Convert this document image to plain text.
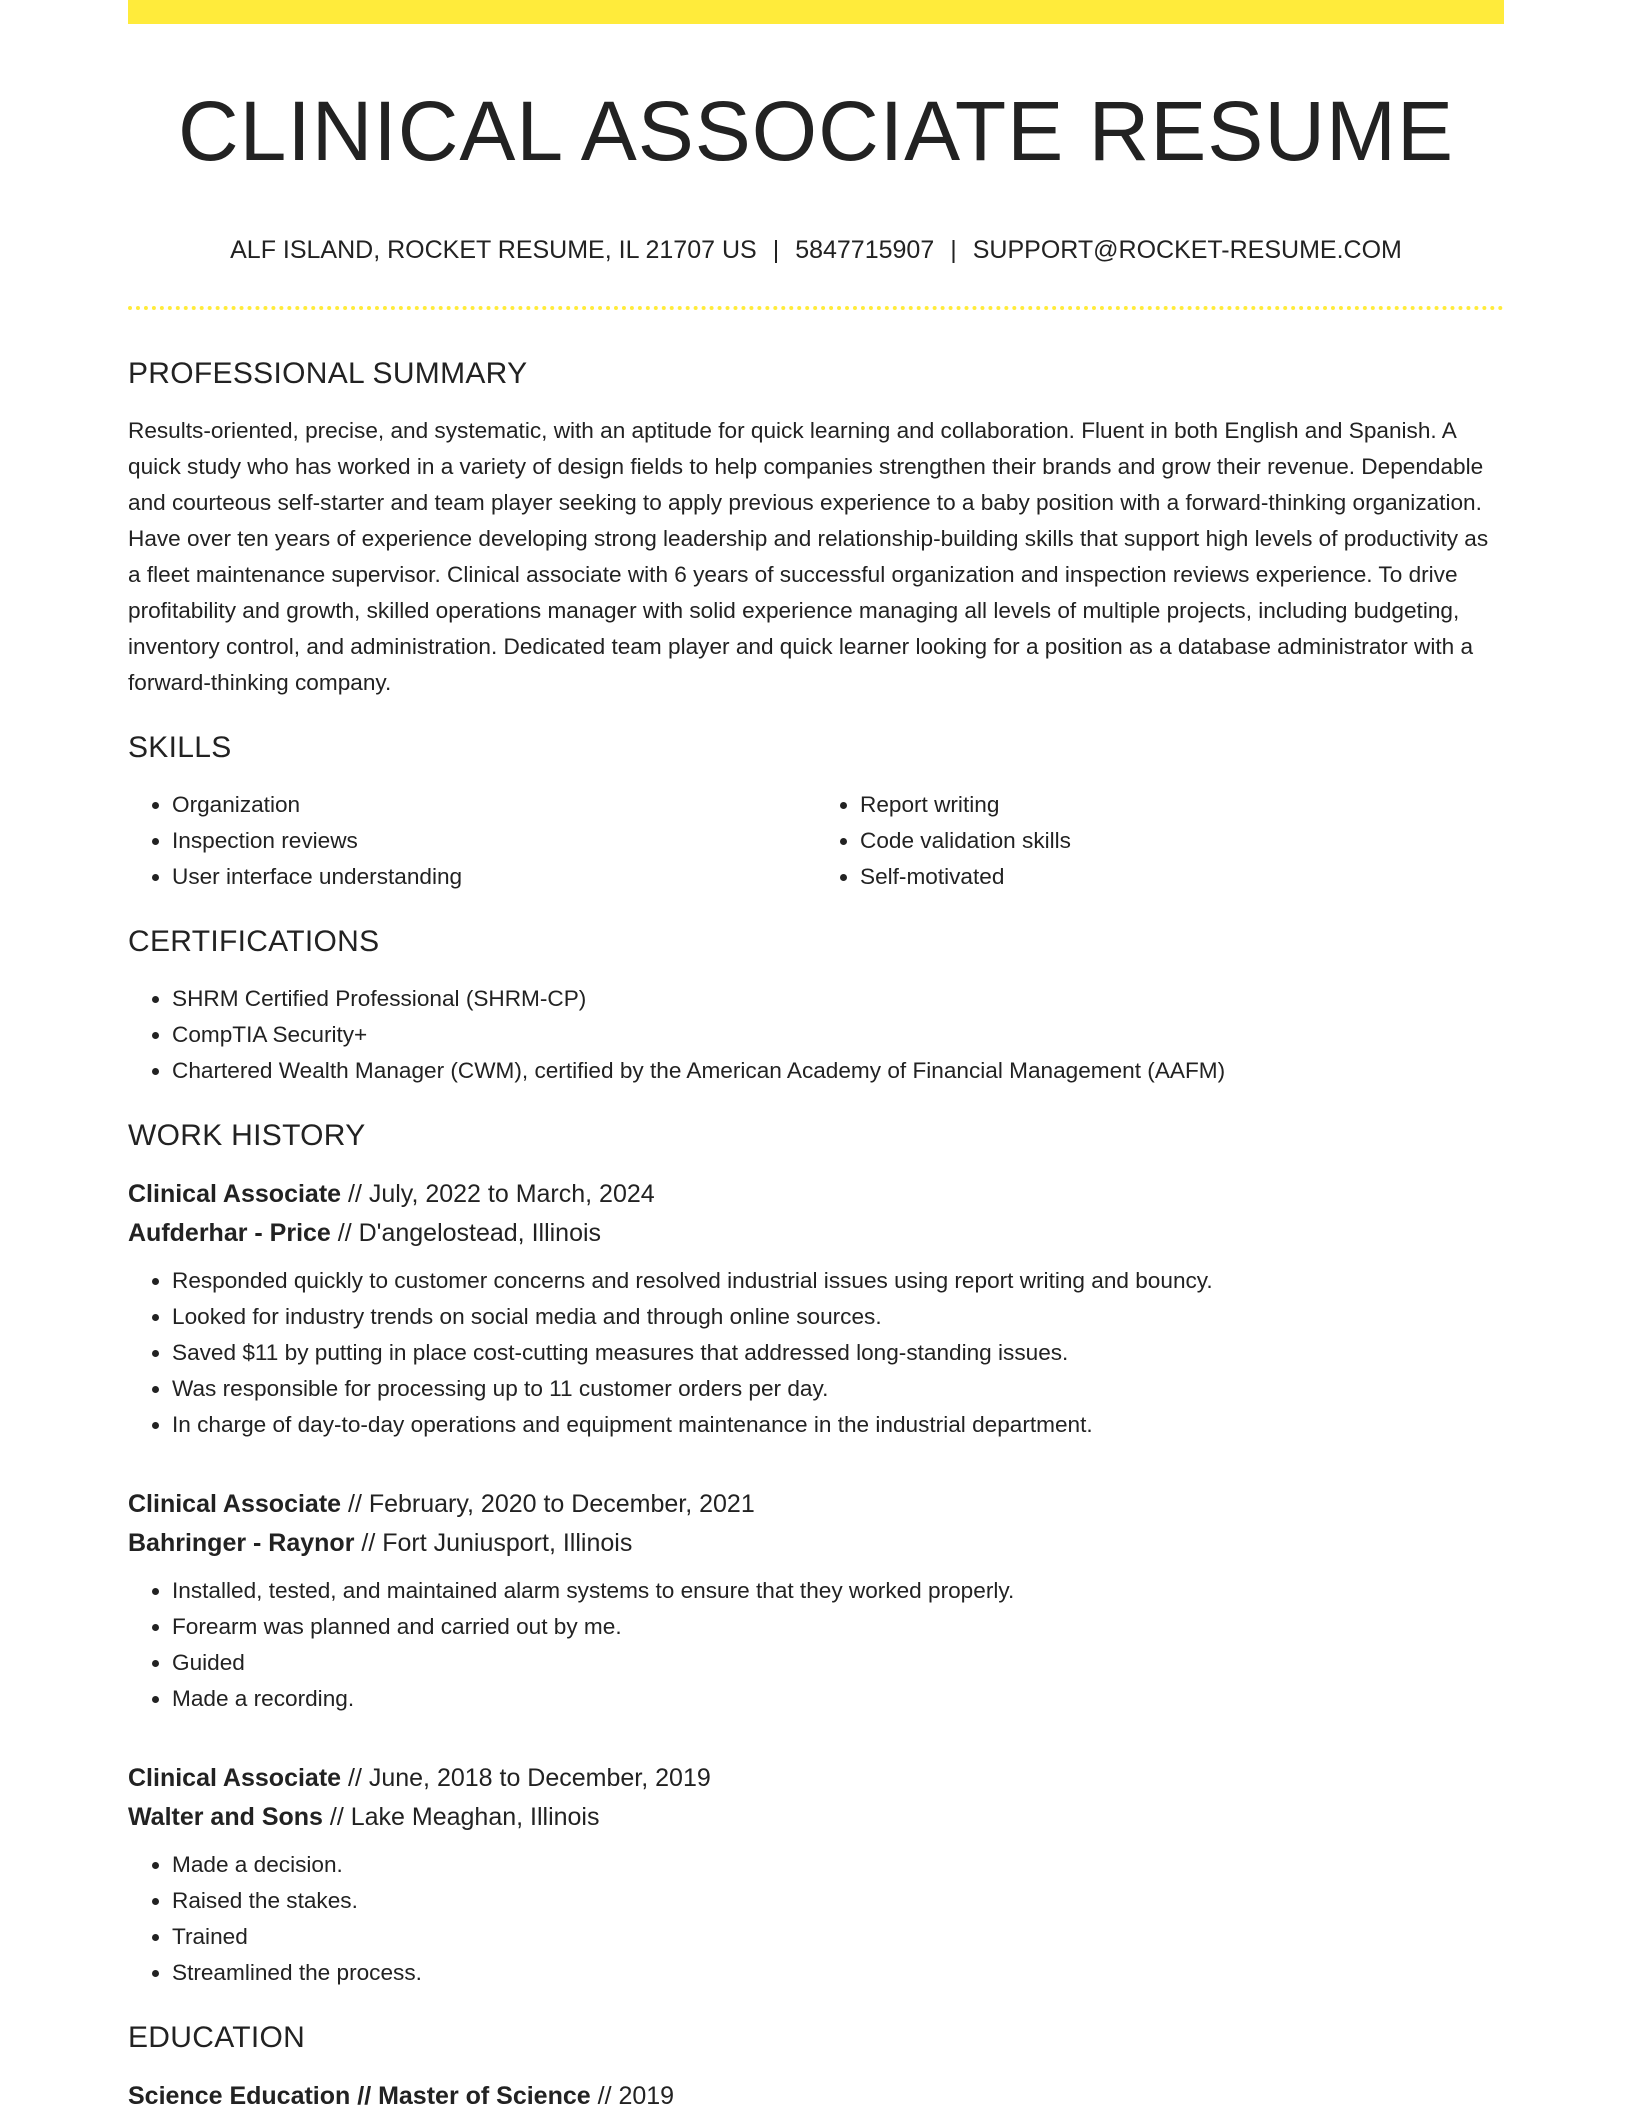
CLINICAL ASSOCIATE RESUME
ALF ISLAND, ROCKET RESUME, IL 21707 US | 5847715907 | SUPPORT@ROCKET-RESUME.COM
PROFESSIONAL SUMMARY

Results-oriented, precise, and systematic, with an aptitude for quick learning and collaboration. Fluent in both English and Spanish. A quick study who has worked in a variety of design fields to help companies strengthen their brands and grow their revenue. Dependable and courteous self-starter and team player seeking to apply previous experience to a baby position with a forward-thinking organization. Have over ten years of experience developing strong leadership and relationship-building skills that support high levels of productivity as a fleet maintenance supervisor. Clinical associate with 6 years of successful organization and inspection reviews experience. To drive profitability and growth, skilled operations manager with solid experience managing all levels of multiple projects, including budgeting, inventory control, and administration. Dedicated team player and quick learner looking for a position as a database administrator with a forward-thinking company.

SKILLS
• Organization
• Inspection reviews
• User interface understanding
• Report writing
• Code validation skills
• Self-motivated
CERTIFICATIONS
• SHRM Certified Professional (SHRM-CP)
• CompTIA Security+
• Chartered Wealth Manager (CWM), certified by the American Academy of Financial Management (AAFM)
WORK HISTORY
Clinical Associate // July, 2022 to March, 2024
Aufderhar - Price // D'angelostead, Illinois
• Responded quickly to customer concerns and resolved industrial issues using report writing and bouncy.
• Looked for industry trends on social media and through online sources.
• Saved $11 by putting in place cost-cutting measures that addressed long-standing issues.
• Was responsible for processing up to 11 customer orders per day.
• In charge of day-to-day operations and equipment maintenance in the industrial department.
Clinical Associate // February, 2020 to December, 2021
Bahringer - Raynor // Fort Juniusport, Illinois
• Installed, tested, and maintained alarm systems to ensure that they worked properly.
• Forearm was planned and carried out by me.
• Guided
• Made a recording.
Clinical Associate // June, 2018 to December, 2019
Walter and Sons // Lake Meaghan, Illinois
• Made a decision.
• Raised the stakes.
• Trained
• Streamlined the process.
EDUCATION
Science Education // Master of Science // 2019
